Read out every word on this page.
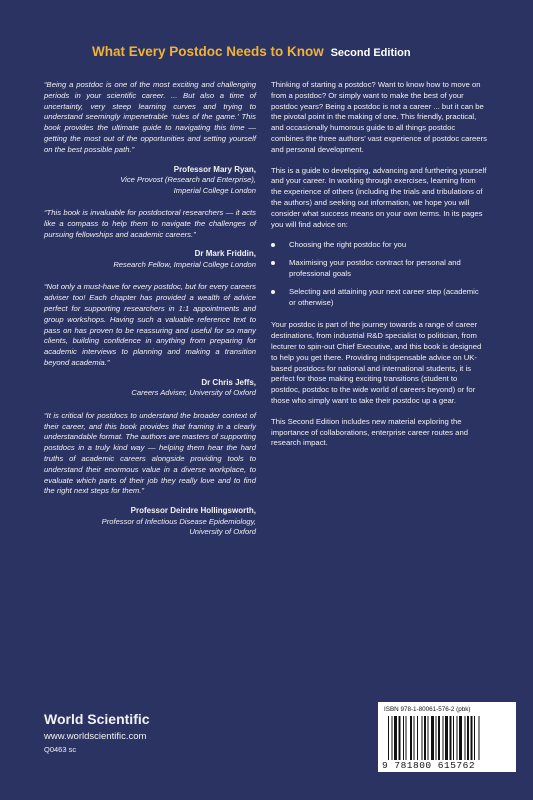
What Every Postdoc Needs to Know Second Edition

“Being a postdoc is one of the most exciting and challenging periods in your scientific career. ... But also a time of uncertainty, very steep learning curves and trying to understand seemingly impenetrable ‘rules of the game.’ This book provides the ultimate guide to navigating this time — getting the most out of the opportunities and setting yourself on the best possible path.”

Professor Mary Ryan,
Vice Provost (Research and Enterprise),
Imperial College London

“This book is invaluable for postdoctoral researchers — it acts like a compass to help them to navigate the challenges of pursuing fellowships and academic careers.”

Dr Mark Friddin,
Research Fellow, Imperial College London

“Not only a must-have for every postdoc, but for every careers adviser too! Each chapter has provided a wealth of advice perfect for supporting researchers in 1:1 appointments and group workshops. Having such a valuable reference text to pass on has proven to be reassuring and useful for so many clients, building confidence in anything from preparing for academic interviews to planning and making a transition beyond academia.”

Dr Chris Jeffs,
Careers Adviser, University of Oxford

“It is critical for postdocs to understand the broader context of their career, and this book provides that framing in a clearly understandable format. The authors are masters of supporting postdocs in a truly kind way — helping them hear the hard truths of academic careers alongside providing tools to understand their enormous value in a diverse workplace, to evaluate which parts of their job they really love and to find the right next steps for them.”

Professor Deirdre Hollingsworth,
Professor of Infectious Disease Epidemiology,
University of Oxford

Thinking of starting a postdoc? Want to know how to move on from a postdoc? Or simply want to make the best of your postdoc years? Being a postdoc is not a career ... but it can be the pivotal point in the making of one. This friendly, practical, and occasionally humorous guide to all things postdoc combines the three authors’ vast experience of postdoc careers and personal development.

This is a guide to developing, advancing and furthering yourself and your career. In working through exercises, learning from the experience of others (including the trials and tribulations of the authors) and seeking out information, we hope you will consider what success means on your own terms. In its pages you will find advice on:

Choosing the right postdoc for you
Maximising your postdoc contract for personal and professional goals
Selecting and attaining your next career step (academic or otherwise)

Your postdoc is part of the journey towards a range of career destinations, from industrial R&D specialist to politician, from lecturer to spin-out Chief Executive, and this book is designed to help you get there. Providing indispensable advice on UK-based postdocs for national and international students, it is perfect for those making exciting transitions (student to postdoc, postdoc to the wide world of careers beyond) or for those who simply want to take their postdoc up a gear.

This Second Edition includes new material exploring the importance of collaborations, enterprise career routes and research impact.

World Scientific
www.worldscientific.com
Q0463 sc
ISBN 978-1-80061-576-2 (pbk)
9 781800 615762
